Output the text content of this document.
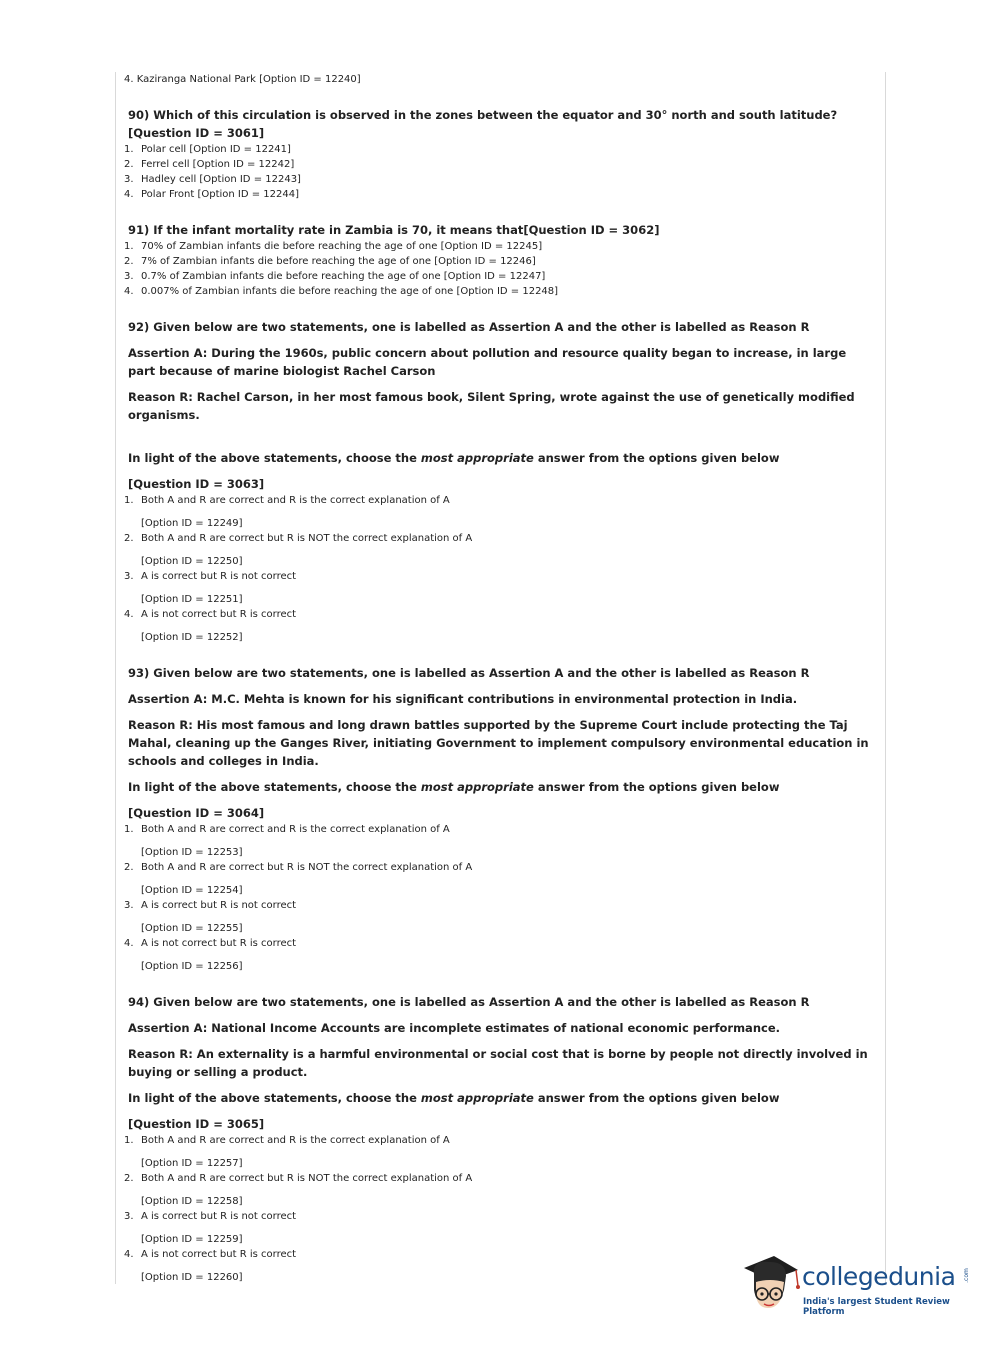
4. Kaziranga National Park [Option ID = 12240]

90) Which of this circulation is observed in the zones between the equator and 30° north and south latitude?[Question ID = 3061]

1. Polar cell [Option ID = 12241]

2. Ferrel cell [Option ID = 12242]

3. Hadley cell [Option ID = 12243]

4. Polar Front [Option ID = 12244]

91) If the infant mortality rate in Zambia is 70, it means that[Question ID = 3062]

1. 70% of Zambian infants die before reaching the age of one [Option ID = 12245]

2. 7% of Zambian infants die before reaching the age of one [Option ID = 12246]

3. 0.7% of Zambian infants die before reaching the age of one [Option ID = 12247]

4. 0.007% of Zambian infants die before reaching the age of one [Option ID = 12248]

92) Given below are two statements, one is labelled as Assertion A and the other is labelled as Reason R

Assertion A: During the 1960s, public concern about pollution and resource quality began to increase, in large part because of marine biologist Rachel Carson

Reason R: Rachel Carson, in her most famous book, Silent Spring, wrote against the use of genetically modified organisms.

In light of the above statements, choose the most appropriate answer from the options given below

[Question ID = 3063]

1. Both A and R are correct and R is the correct explanation of A

[Option ID = 12249]

2. Both A and R are correct but R is NOT the correct explanation of A

[Option ID = 12250]

3. A is correct but R is not correct

[Option ID = 12251]

4. A is not correct but R is correct

[Option ID = 12252]

93) Given below are two statements, one is labelled as Assertion A and the other is labelled as Reason R

Assertion A: M.C. Mehta is known for his significant contributions in environmental protection in India.

Reason R: His most famous and long drawn battles supported by the Supreme Court include protecting the Taj Mahal, cleaning up the Ganges River, initiating Government to implement compulsory environmental education in schools and colleges in India.

In light of the above statements, choose the most appropriate answer from the options given below

[Question ID = 3064]

1. Both A and R are correct and R is the correct explanation of A

[Option ID = 12253]

2. Both A and R are correct but R is NOT the correct explanation of A

[Option ID = 12254]

3. A is correct but R is not correct

[Option ID = 12255]

4. A is not correct but R is correct

[Option ID = 12256]

94) Given below are two statements, one is labelled as Assertion A and the other is labelled as Reason R

Assertion A: National Income Accounts are incomplete estimates of national economic performance.

Reason R: An externality is a harmful environmental or social cost that is borne by people not directly involved in buying or selling a product.

In light of the above statements, choose the most appropriate answer from the options given below

[Question ID = 3065]

1. Both A and R are correct and R is the correct explanation of A

[Option ID = 12257]

2. Both A and R are correct but R is NOT the correct explanation of A

[Option ID = 12258]

3. A is correct but R is not correct

[Option ID = 12259]

4. A is not correct but R is correct

[Option ID = 12260]	collegedunia .com
India's largest Student Review Platform
